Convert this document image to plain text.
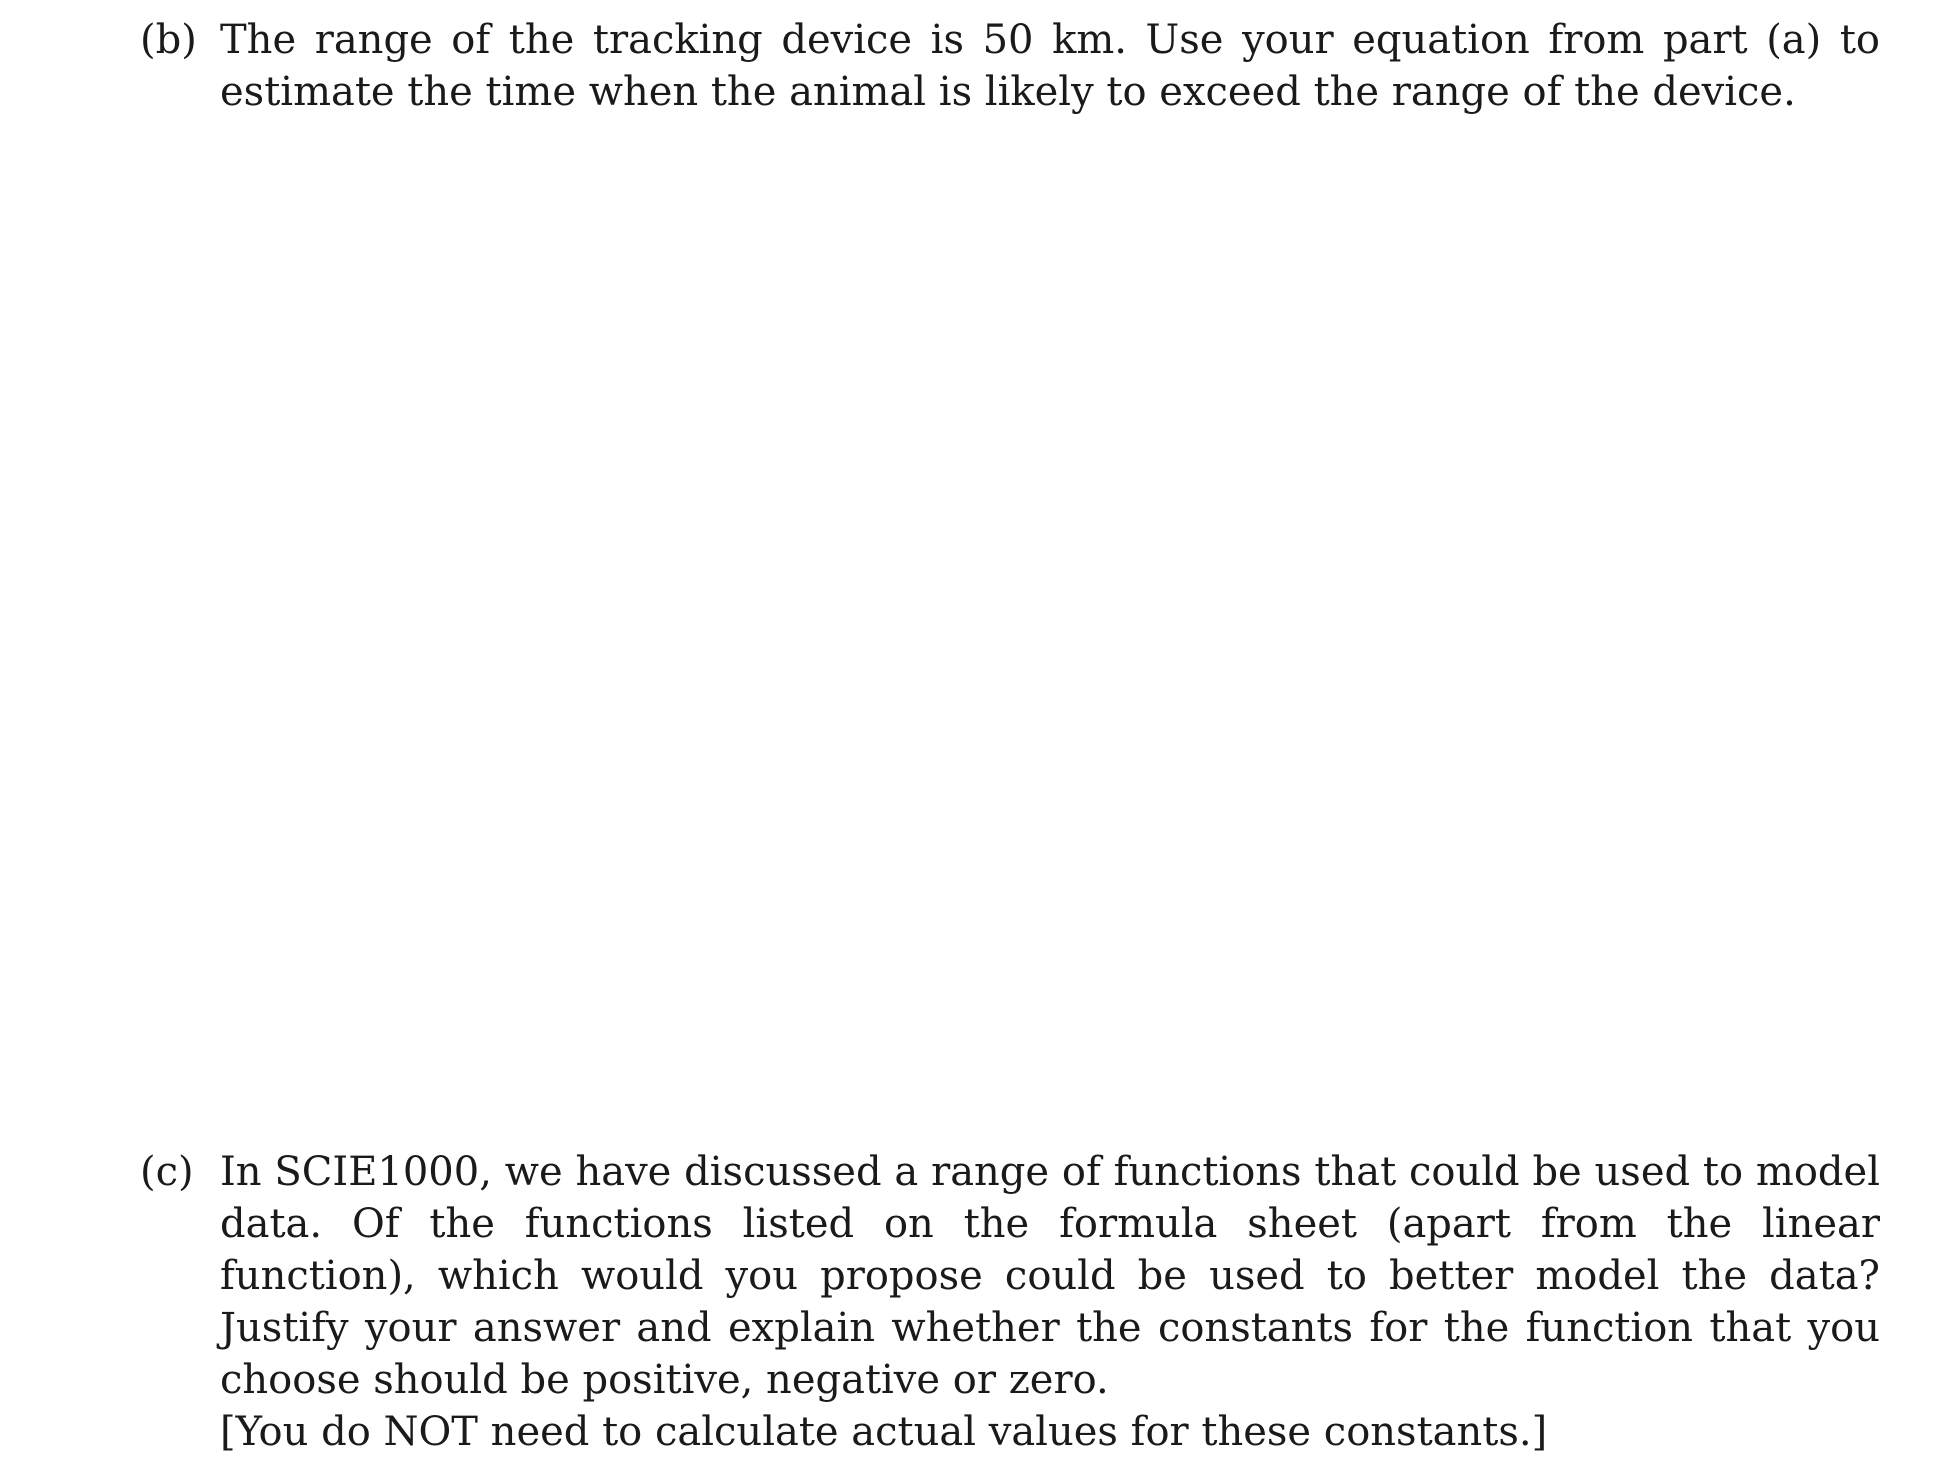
(b) The range of the tracking device is 50 km. Use your equation from part (a) to estimate the time when the animal is likely to exceed the range of the device.

(c) In SCIE1000, we have discussed a range of functions that could be used to model data. Of the functions listed on the formula sheet (apart from the linear function), which would you propose could be used to better model the data? Justify your answer and explain whether the constants for the function that you choose should be positive, negative or zero.

[You do NOT need to calculate actual values for these constants.]
